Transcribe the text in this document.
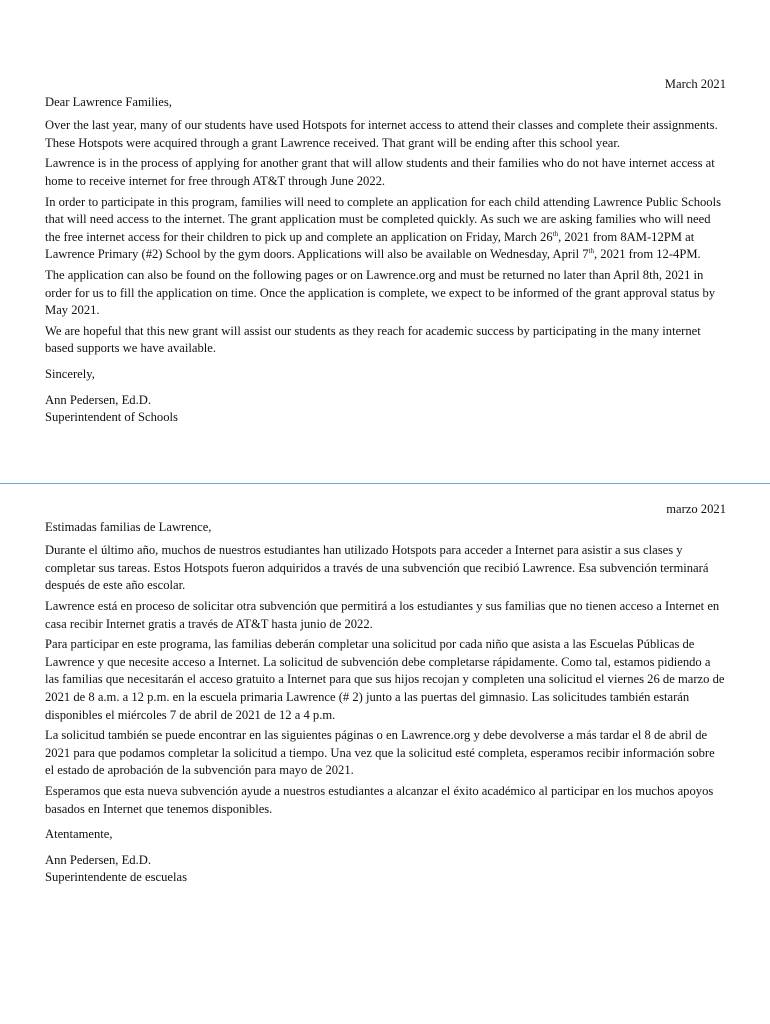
March 2021

Dear Lawrence Families,

Over the last year, many of our students have used Hotspots for internet access to attend their classes and complete their assignments. These Hotspots were acquired through a grant Lawrence received. That grant will be ending after this school year.

Lawrence is in the process of applying for another grant that will allow students and their families who do not have internet access at home to receive internet for free through AT&T through June 2022.

In order to participate in this program, families will need to complete an application for each child attending Lawrence Public Schools that will need access to the internet. The grant application must be completed quickly. As such we are asking families who will need the free internet access for their children to pick up and complete an application on Friday, March 26th, 2021 from 8AM-12PM at Lawrence Primary (#2) School by the gym doors. Applications will also be available on Wednesday, April 7th, 2021 from 12-4PM.

The application can also be found on the following pages or on Lawrence.org and must be returned no later than April 8th, 2021 in order for us to fill the application on time. Once the application is complete, we expect to be informed of the grant approval status by May 2021.

We are hopeful that this new grant will assist our students as they reach for academic success by participating in the many internet based supports we have available.

Sincerely,

Ann Pedersen, Ed.D.

Superintendent of Schools

marzo 2021

Estimadas familias de Lawrence,

Durante el último año, muchos de nuestros estudiantes han utilizado Hotspots para acceder a Internet para asistir a sus clases y completar sus tareas. Estos Hotspots fueron adquiridos a través de una subvención que recibió Lawrence. Esa subvención terminará después de este año escolar.

Lawrence está en proceso de solicitar otra subvención que permitirá a los estudiantes y sus familias que no tienen acceso a Internet en casa recibir Internet gratis a través de AT&T hasta junio de 2022.

Para participar en este programa, las familias deberán completar una solicitud por cada niño que asista a las Escuelas Públicas de Lawrence y que necesite acceso a Internet. La solicitud de subvención debe completarse rápidamente. Como tal, estamos pidiendo a las familias que necesitarán el acceso gratuito a Internet para que sus hijos recojan y completen una solicitud el viernes 26 de marzo de 2021 de 8 a.m. a 12 p.m. en la escuela primaria Lawrence (# 2) junto a las puertas del gimnasio. Las solicitudes también estarán disponibles el miércoles 7 de abril de 2021 de 12 a 4 p.m.

La solicitud también se puede encontrar en las siguientes páginas o en Lawrence.org y debe devolverse a más tardar el 8 de abril de 2021 para que podamos completar la solicitud a tiempo. Una vez que la solicitud esté completa, esperamos recibir información sobre el estado de aprobación de la subvención para mayo de 2021.

Esperamos que esta nueva subvención ayude a nuestros estudiantes a alcanzar el éxito académico al participar en los muchos apoyos basados en Internet que tenemos disponibles.

Atentamente,

Ann Pedersen, Ed.D.

Superintendente de escuelas
